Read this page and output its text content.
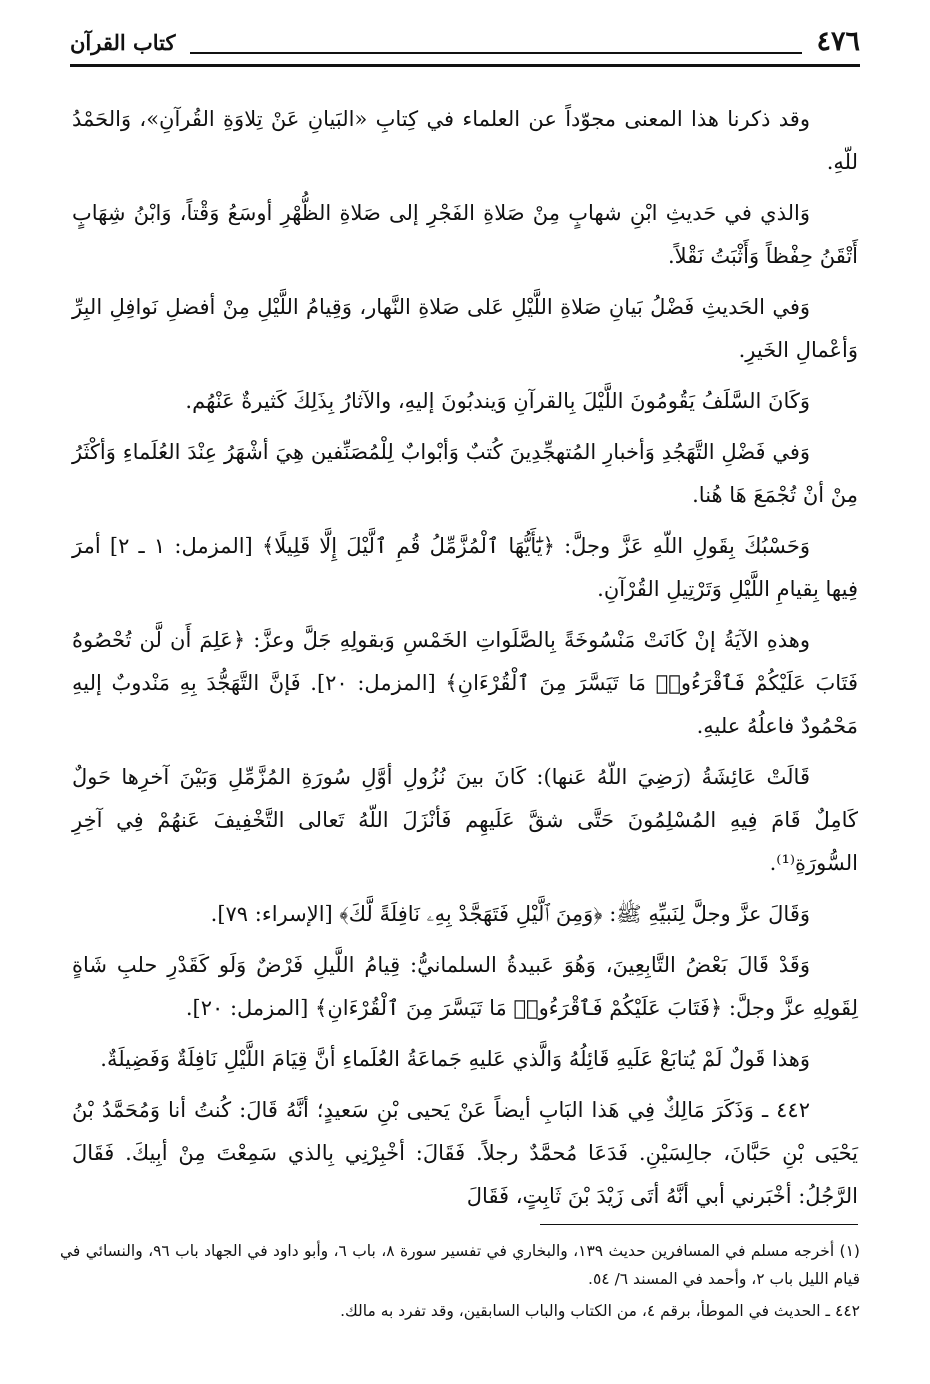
٤٧٦
كتاب القرآن

وقد ذكرنا هذا المعنى مجوّداً عن العلماء في كِتابِ «البَيانِ عَنْ تِلاوَةِ القُرآنِ»، وَالحَمْدُ للّهِ.

وَالذي في حَديثِ ابْنِ شهابٍ مِنْ صَلاةِ الفَجْرِ إلى صَلاةِ الظُّهْرِ أوسَعُ وَقْتاً، وَابْنُ شِهَابٍ أَتْقَنُ حِفْظاً وَأَثْبَتُ نَقْلاً.

وَفي الحَديثِ فَضْلُ بَيانِ صَلاةِ اللَّيْلِ عَلى صَلاةِ النَّهار، وَقِيامُ اللَّيْلِ مِنْ أفضلِ نَوافِلِ البِرِّ وَأعْمالِ الخَيرِ.

وَكَانَ السَّلَفُ يَقُومُونَ اللَّيْلَ بِالقرآنِ وَيندبُونَ إليهِ، والآثارُ بِذَلِكَ كَثيرةٌ عَنْهُم.

وَفي فَضْلِ التَّهَجُدِ وَأخبارِ المُتهجِّدِينَ كُتبٌ وَأبْوابٌ لِلْمُصَنِّفين هِيَ أشْهَرُ عِنْدَ العُلَماءِ وَأكْثَرُ مِنْ أنْ تُجْمَعَ هَا هُنا.

وَحَسْبُكَ بِقَولِ اللّهِ عَزَّ وجلَّ: ﴿يَٰٓأَيُّهَا ٱلْمُزَّمِّلُ قُمِ ٱلَّيْلَ إِلَّا قَلِيلًا﴾ [المزمل: ١ ـ ٢] أمرَ فِيها بِقيامِ اللَّيْلِ وَتَرْتِيلِ القُرْآنِ.

وهذهِ الآيَةُ إنْ كَانَتْ مَنْسُوخَةً بِالصَّلَواتِ الخَمْسِ وَبقولِهِ جَلَّ وعزَّ: ﴿عَلِمَ أَن لَّن تُحْصُوهُ فَتَابَ عَلَيْكُمْ فَٱقْرَءُوا۟ مَا تَيَسَّرَ مِنَ ٱلْقُرْءَانِ﴾ [المزمل: ٢٠]. فَإنَّ التَّهَجُّدَ بِهِ مَنْدوبٌ إليهِ مَحْمُودٌ فاعلُهُ عليهِ.

قَالَتْ عَائِشَةُ (رَضِيَ اللّهُ عَنها): كَانَ بينَ نُزُولِ أوَّلِ سُورَةِ المُزَّمِّلِ وَبَيْنَ آخرِها حَولٌ كَامِلٌ قَامَ فِيهِ المُسْلِمُونَ حَتَّى شقَّ عَلَيهِم فَأنْزَلَ اللّهُ تَعالى التَّخْفِيفَ عَنهُمْ فِي آخِرِ السُّورَةِ⁽¹⁾.

وَقَالَ عزَّ وجلَّ لِنَبيِّهِ ﷺ: ﴿وَمِنَ ٱلَّيْلِ فَتَهَجَّدْ بِهِۦ نَافِلَةً لَّكَ﴾ [الإسراء: ٧٩].

وَقَدْ قَالَ بَعْضُ التَّابِعِينَ، وَهُوَ عَبيدةُ السلمانيُّ: قِيامُ اللَّيلِ فَرْضٌ وَلَو كَقَدْرِ حلبِ شَاةٍ لِقَولِهِ عزَّ وجلَّ: ﴿فَتَابَ عَلَيْكُمْ فَٱقْرَءُوا۟ مَا تَيَسَّرَ مِنَ ٱلْقُرْءَانِ﴾ [المزمل: ٢٠].

وَهذا قَولٌ لَمْ يُتابَعْ عَلَيهِ قَائِلُهُ وَالَّذي عَليهِ جَماعَةُ العُلَماءِ أنَّ قِيَامَ اللَّيْلِ نَافِلَةٌ وَفَضِيلَةٌ.

٤٤٢ ـ وَذَكَرَ مَالِكٌ فِي هَذا البَابِ أيضاً عَنْ يَحيى بْنِ سَعيدٍ؛ أنَّهُ قَالَ: كُنتُ أنا وَمُحَمَّدُ بْنُ يَحْيَى بْنِ حَبَّانَ، جالِسَيْنِ. فَدَعَا مُحمَّدٌ رجلاً. فَقَالَ: أخْبِرْنِي بِالذي سَمِعْتَ مِنْ أبِيكَ. فَقَالَ الرَّجُلُ: أخْبَرني أبي أنَّهُ أتَى زَيْدَ بْنَ ثَابِتٍ، فَقَالَ

(١) أخرجه مسلم في المسافرين حديث ١٣٩، والبخاري في تفسير سورة ٨، باب ٦، وأبو داود في الجهاد باب ٩٦، والنسائي في قيام الليل باب ٢، وأحمد في المسند ٦/ ٥٤.

٤٤٢ ـ الحديث في الموطأ، برقم ٤، من الكتاب والباب السابقين، وقد تفرد به مالك.
